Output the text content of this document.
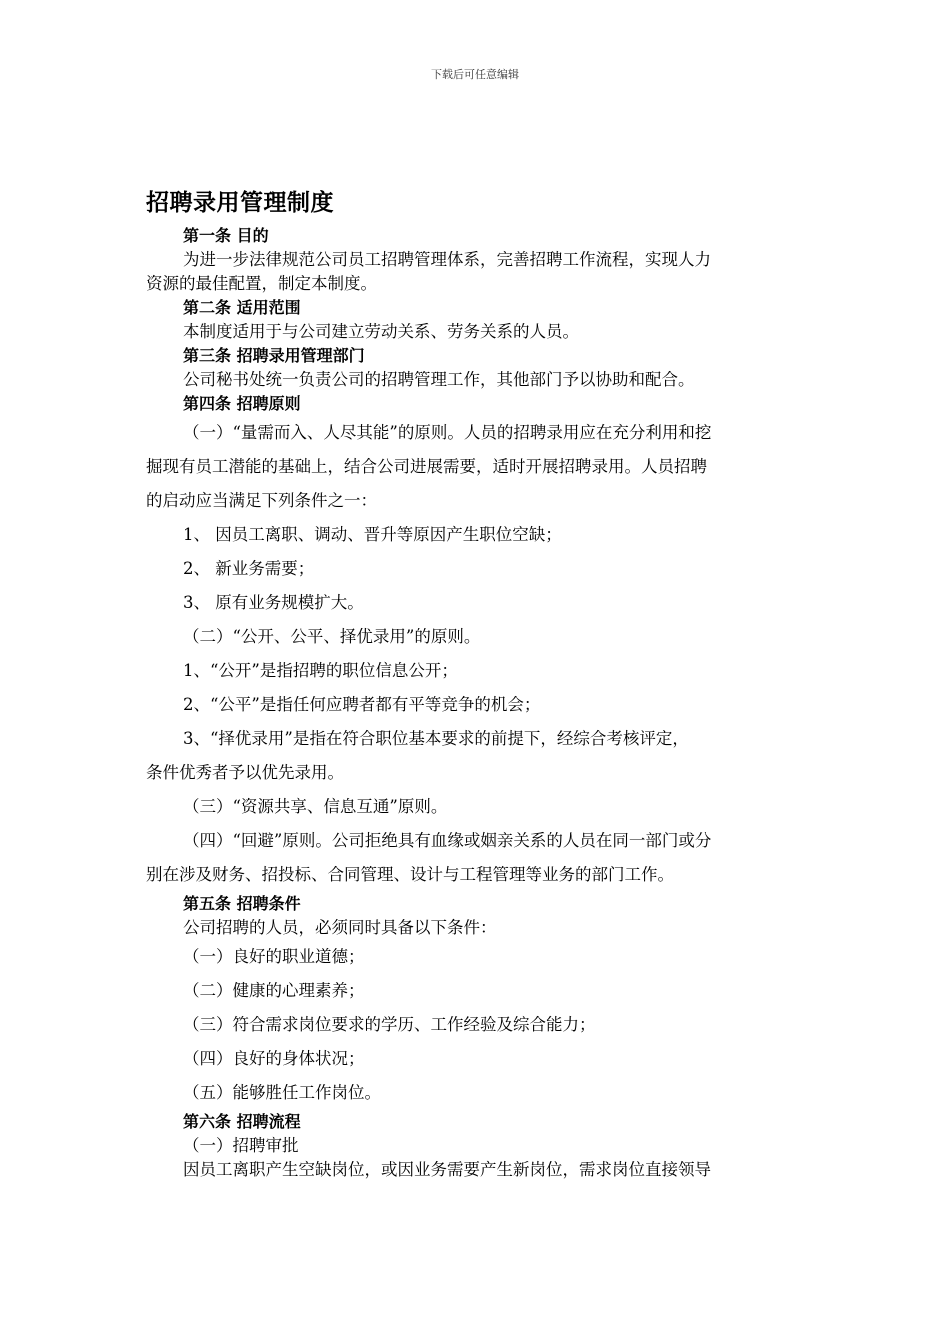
下载后可任意编辑
招聘录用管理制度
第一条 目的
为进一步法律规范公司员工招聘管理体系，完善招聘工作流程，实现人力
资源的最佳配置，制定本制度。
第二条 适用范围
本制度适用于与公司建立劳动关系、劳务关系的人员。
第三条 招聘录用管理部门
公司秘书处统一负责公司的招聘管理工作，其他部门予以协助和配合。
第四条 招聘原则
（一）“量需而入、人尽其能”的原则。人员的招聘录用应在充分利用和挖
掘现有员工潜能的基础上，结合公司进展需要，适时开展招聘录用。人员招聘
的启动应当满足下列条件之一：
1、 因员工离职、调动、晋升等原因产生职位空缺；
2、 新业务需要；
3、 原有业务规模扩大。
（二）“公开、公平、择优录用”的原则。
1、“公开”是指招聘的职位信息公开；
2、“公平”是指任何应聘者都有平等竞争的机会；
3、“择优录用”是指在符合职位基本要求的前提下，经综合考核评定，
条件优秀者予以优先录用。
（三）“资源共享、信息互通”原则。
（四）“回避”原则。公司拒绝具有血缘或姻亲关系的人员在同一部门或分
别在涉及财务、招投标、合同管理、设计与工程管理等业务的部门工作。
第五条 招聘条件
公司招聘的人员，必须同时具备以下条件：
（一）良好的职业道德；
（二）健康的心理素养；
（三）符合需求岗位要求的学历、工作经验及综合能力；
（四）良好的身体状况；
（五）能够胜任工作岗位。
第六条 招聘流程
（一）招聘审批
因员工离职产生空缺岗位，或因业务需要产生新岗位，需求岗位直接领导
